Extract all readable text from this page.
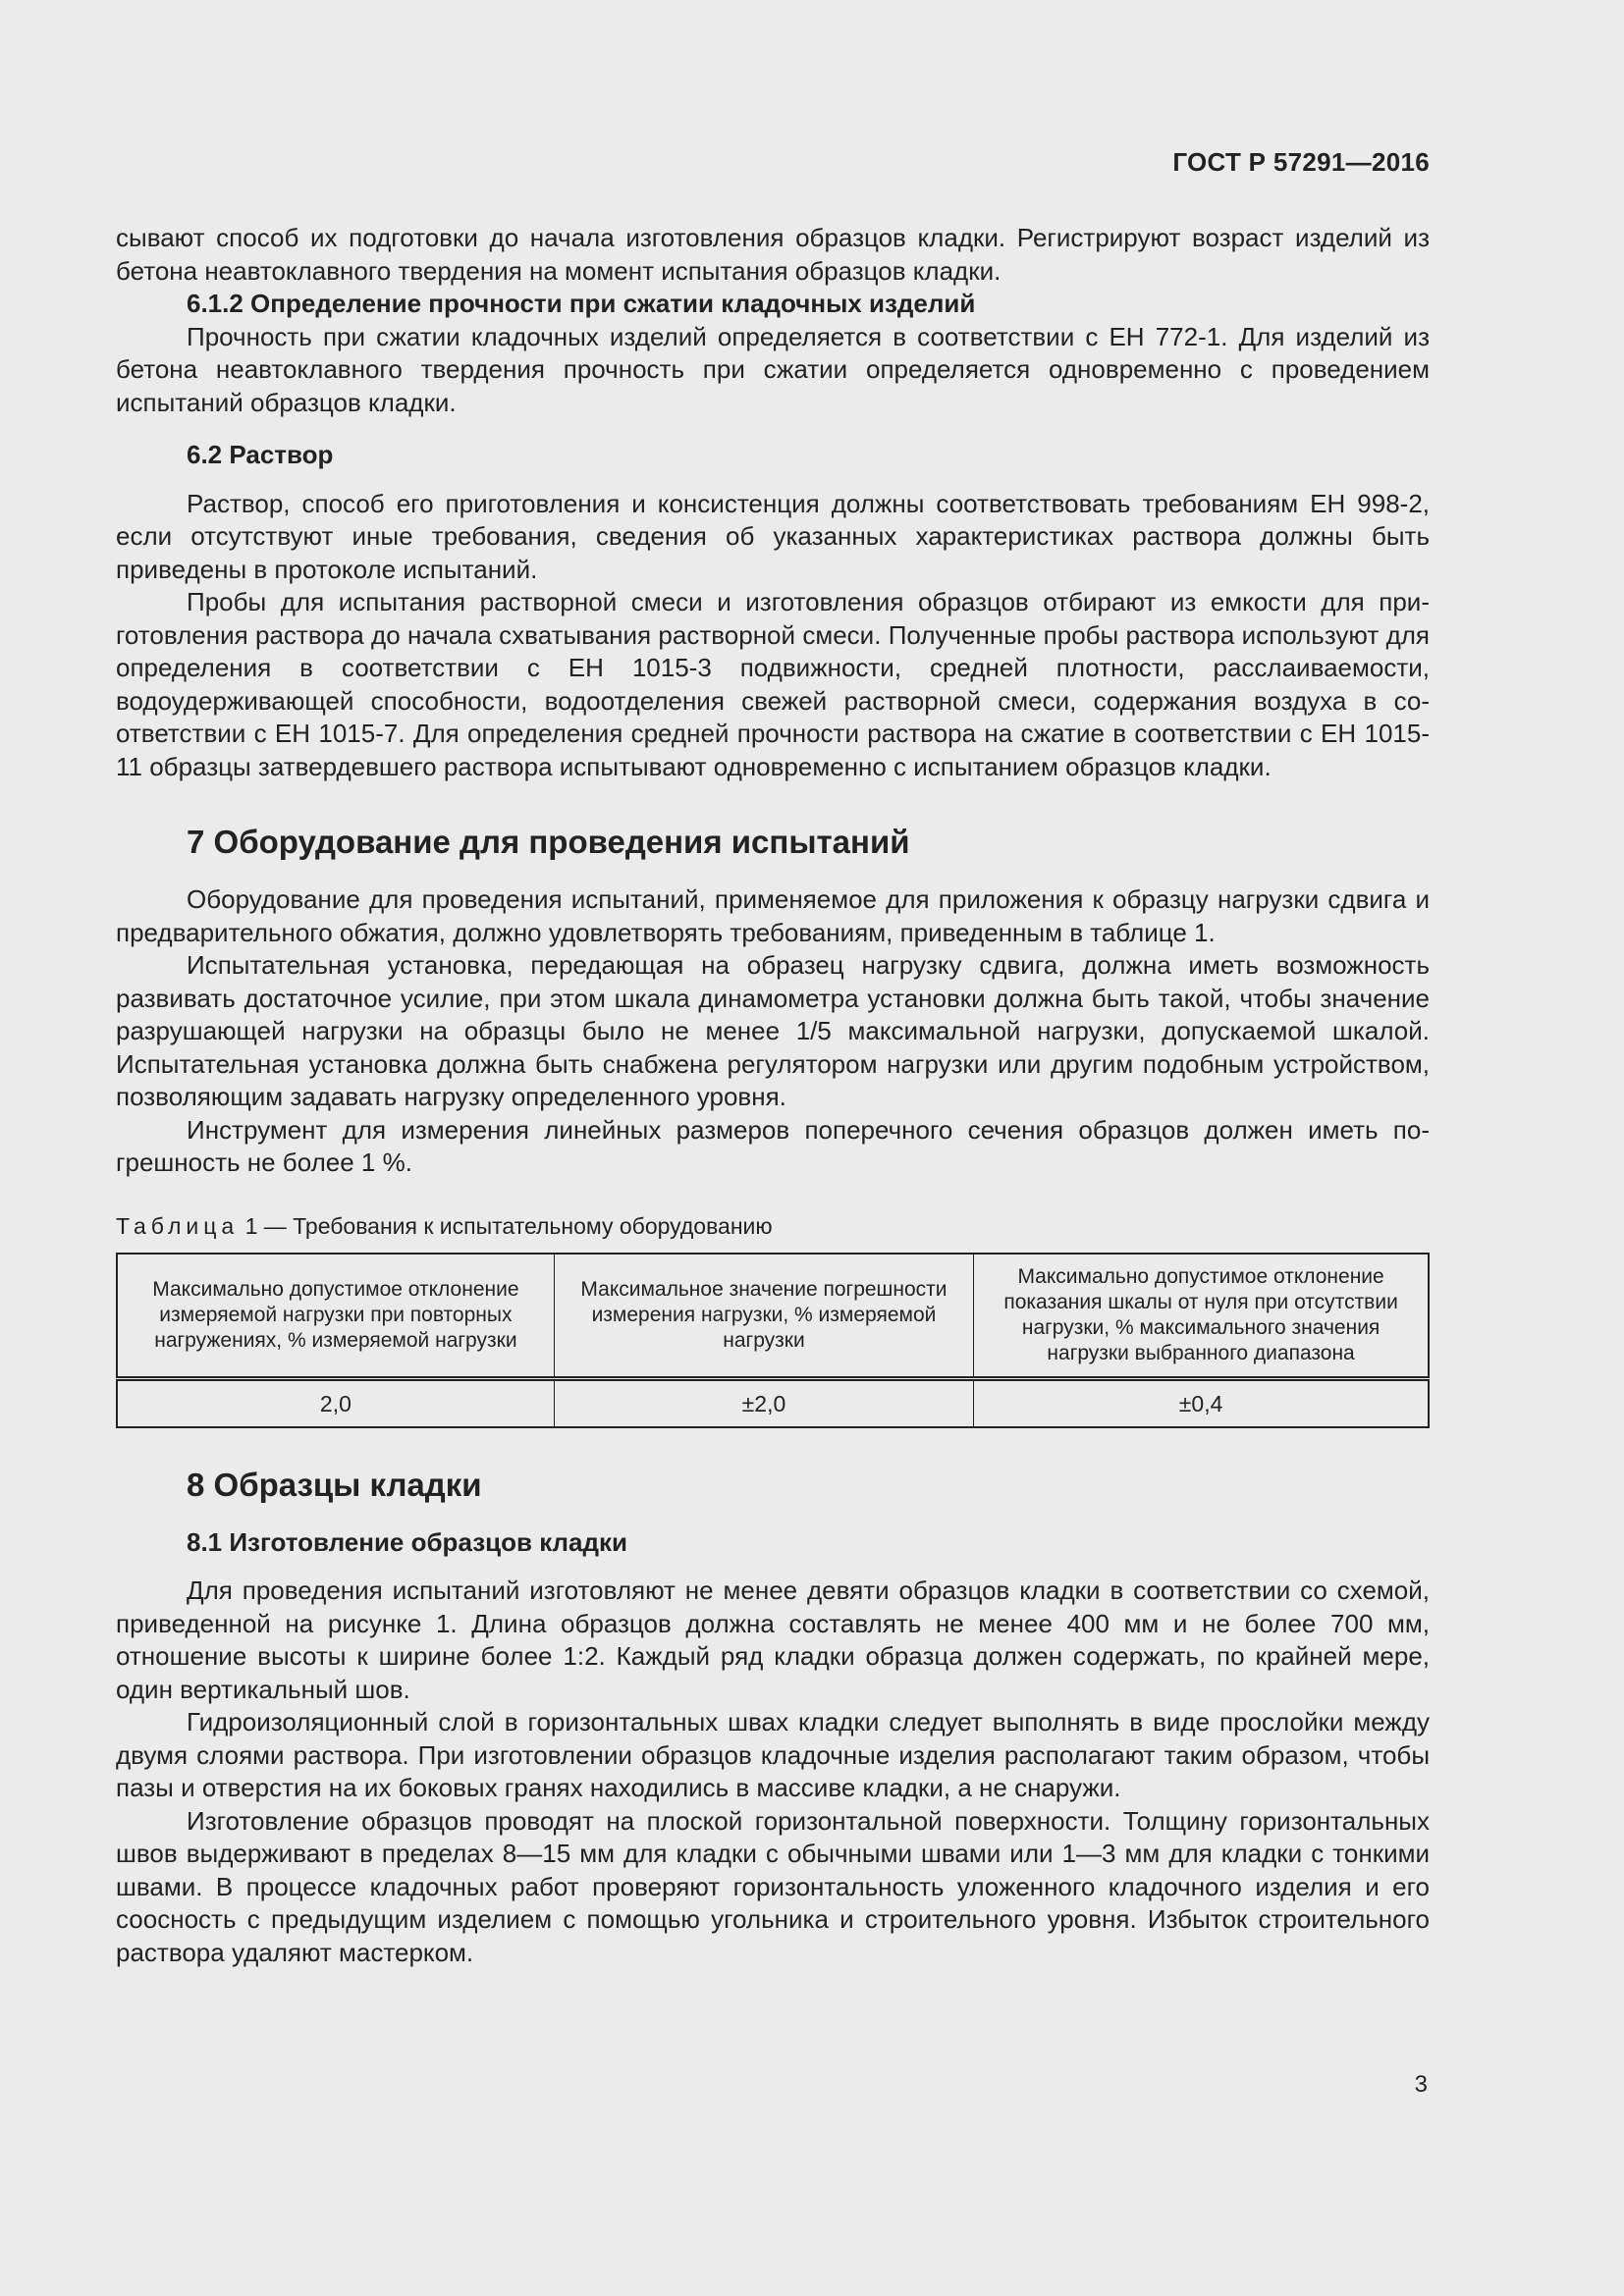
ГОСТ Р 57291—2016

сывают способ их подготовки до начала изготовления образцов кладки. Регистрируют возраст изделий из бетона неавтоклавного твердения на момент испытания образцов кладки.

6.1.2 Определение прочности при сжатии кладочных изделий

Прочность при сжатии кладочных изделий определяется в соответствии с ЕН 772-1. Для изделий из бетона неавтоклавного твердения прочность при сжатии определяется одновременно с проведением испытаний образцов кладки.

6.2 Раствор

Раствор, способ его приготовления и консистенция должны соответствовать требованиям ЕН 998-2, если отсутствуют иные требования, сведения об указанных характеристиках раствора должны быть приведены в протоколе испытаний.

Пробы для испытания растворной смеси и изготовления образцов отбирают из емкости для приготовления раствора до начала схватывания растворной смеси. Полученные пробы раствора используют для определения в соответствии с ЕН 1015-3 подвижности, средней плотности, расслаиваемости, водоудерживающей способности, водоотделения свежей растворной смеси, содержания воздуха в соответствии с ЕН 1015-7. Для определения средней прочности раствора на сжатие в соответствии с ЕН 1015-11 образцы затвердевшего раствора испытывают одновременно с испытанием образцов кладки.

7 Оборудование для проведения испытаний

Оборудование для проведения испытаний, применяемое для приложения к образцу нагрузки сдвига и предварительного обжатия, должно удовлетворять требованиям, приведенным в таблице 1.

Испытательная установка, передающая на образец нагрузку сдвига, должна иметь возможность развивать достаточное усилие, при этом шкала динамометра установки должна быть такой, чтобы значение разрушающей нагрузки на образцы было не менее 1/5 максимальной нагрузки, допускаемой шкалой. Испытательная установка должна быть снабжена регулятором нагрузки или другим подобным устройством, позволяющим задавать нагрузку определенного уровня.

Инструмент для измерения линейных размеров поперечного сечения образцов должен иметь погрешность не более 1 %.

Таблица 1 — Требования к испытательному оборудованию
Максимально допустимое отклонение измеряемой нагрузки при повторных нагружениях, % измеряемой нагрузки	Максимальное значение погрешности измерения нагрузки, % измеряемой нагрузки	Максимально допустимое отклонение показания шкалы от нуля при отсутствии нагрузки, % максимального значения нагрузки выбранного диапазона
2,0	±2,0	±0,4
8 Образцы кладки
8.1 Изготовление образцов кладки

Для проведения испытаний изготовляют не менее девяти образцов кладки в соответствии со схемой, приведенной на рисунке 1. Длина образцов должна составлять не менее 400 мм и не более 700 мм, отношение высоты к ширине более 1:2. Каждый ряд кладки образца должен содержать, по крайней мере, один вертикальный шов.

Гидроизоляционный слой в горизонтальных швах кладки следует выполнять в виде прослойки между двумя слоями раствора. При изготовлении образцов кладочные изделия располагают таким образом, чтобы пазы и отверстия на их боковых гранях находились в массиве кладки, а не снаружи.

Изготовление образцов проводят на плоской горизонтальной поверхности. Толщину горизонтальных швов выдерживают в пределах 8—15 мм для кладки с обычными швами или 1—3 мм для кладки с тонкими швами. В процессе кладочных работ проверяют горизонтальность уложенного кладочного изделия и его соосность с предыдущим изделием с помощью угольника и строительного уровня. Избыток строительного раствора удаляют мастерком.

3
